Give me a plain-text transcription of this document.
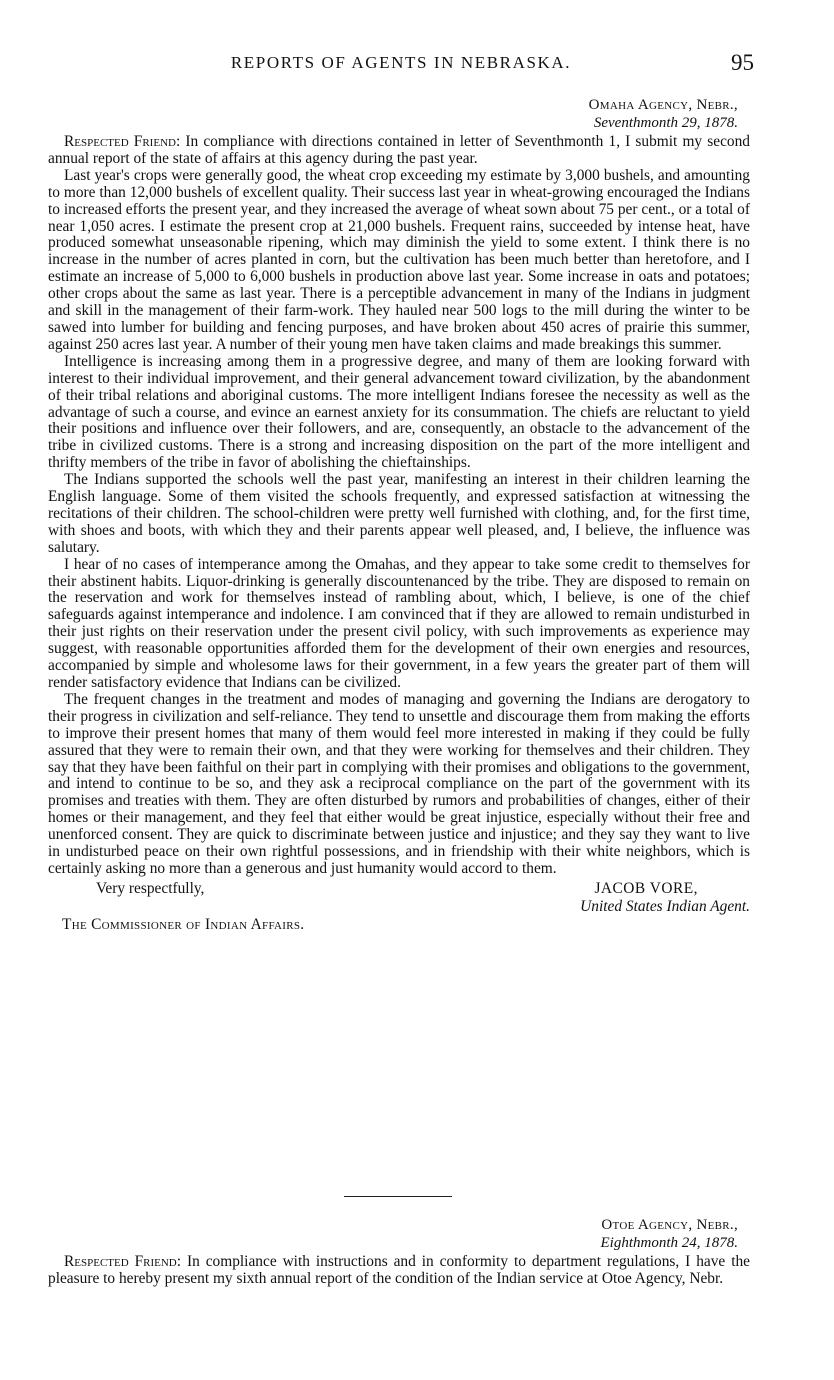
REPORTS OF AGENTS IN NEBRASKA.	95
Omaha Agency, Nebr.,
Seventhmonth 29, 1878.

Respected Friend: In compliance with directions contained in letter of Seventhmonth 1, I submit my second annual report of the state of affairs at this agency during the past year.

Last year's crops were generally good, the wheat crop exceeding my estimate by 3,000 bushels, and amounting to more than 12,000 bushels of excellent quality. Their success last year in wheat-growing encouraged the Indians to increased efforts the present year, and they increased the average of wheat sown about 75 per cent., or a total of near 1,050 acres. I estimate the present crop at 21,000 bushels. Frequent rains, succeeded by intense heat, have produced somewhat unseasonable ripening, which may diminish the yield to some extent. I think there is no increase in the number of acres planted in corn, but the cultivation has been much better than heretofore, and I estimate an increase of 5,000 to 6,000 bushels in production above last year. Some increase in oats and potatoes; other crops about the same as last year. There is a perceptible advancement in many of the Indians in judgment and skill in the management of their farm-work. They hauled near 500 logs to the mill during the winter to be sawed into lumber for building and fencing purposes, and have broken about 450 acres of prairie this summer, against 250 acres last year. A number of their young men have taken claims and made breakings this summer.

Intelligence is increasing among them in a progressive degree, and many of them are looking forward with interest to their individual improvement, and their general advancement toward civilization, by the abandonment of their tribal relations and aboriginal customs. The more intelligent Indians foresee the necessity as well as the advantage of such a course, and evince an earnest anxiety for its consummation. The chiefs are reluctant to yield their positions and influence over their followers, and are, consequently, an obstacle to the advancement of the tribe in civilized customs. There is a strong and increasing disposition on the part of the more intelligent and thrifty members of the tribe in favor of abolishing the chieftainships.

The Indians supported the schools well the past year, manifesting an interest in their children learning the English language. Some of them visited the schools frequently, and expressed satisfaction at witnessing the recitations of their children. The school-children were pretty well furnished with clothing, and, for the first time, with shoes and boots, with which they and their parents appear well pleased, and, I believe, the influence was salutary.

I hear of no cases of intemperance among the Omahas, and they appear to take some credit to themselves for their abstinent habits. Liquor-drinking is generally discountenanced by the tribe. They are disposed to remain on the reservation and work for themselves instead of rambling about, which, I believe, is one of the chief safeguards against intemperance and indolence. I am convinced that if they are allowed to remain undisturbed in their just rights on their reservation under the present civil policy, with such improvements as experience may suggest, with reasonable opportunities afforded them for the development of their own energies and resources, accompanied by simple and wholesome laws for their government, in a few years the greater part of them will render satisfactory evidence that Indians can be civilized.

The frequent changes in the treatment and modes of managing and governing the Indians are derogatory to their progress in civilization and self-reliance. They tend to unsettle and discourage them from making the efforts to improve their present homes that many of them would feel more interested in making if they could be fully assured that they were to remain their own, and that they were working for themselves and their children. They say that they have been faithful on their part in complying with their promises and obligations to the government, and intend to continue to be so, and they ask a reciprocal compliance on the part of the government with its promises and treaties with them. They are often disturbed by rumors and probabilities of changes, either of their homes or their management, and they feel that either would be great injustice, especially without their free and unenforced consent. They are quick to discriminate between justice and injustice; and they say they want to live in undisturbed peace on their own rightful possessions, and in friendship with their white neighbors, which is certainly asking no more than a generous and just humanity would accord to them.

Very respectfully,	JACOB VORE,
United States Indian Agent.
The Commissioner of Indian Affairs.
Otoe Agency, Nebr.,
Eighthmonth 24, 1878.

Respected Friend: In compliance with instructions and in conformity to department regulations, I have the pleasure to hereby present my sixth annual report of the condition of the Indian service at Otoe Agency, Nebr.
